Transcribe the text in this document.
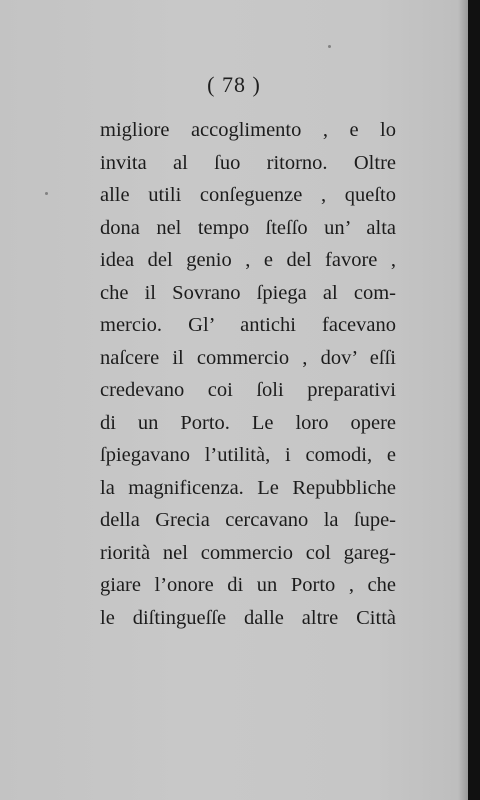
( 78 )
migliore accoglimento , e lo
invita al ſuo ritorno. Oltre
alle utili conſeguenze , queſto
dona nel tempo ſteſſo un’ alta
idea del genio , e del favore ,
che il Sovrano ſpiega al com-
mercio. Gl’ antichi facevano
naſcere il commercio , dov’ eſſi
credevano coi ſoli preparativi
di un Porto. Le loro opere
ſpiegavano l’utilità, i comodi, e
la magnificenza. Le Repubbliche
della Grecia cercavano la ſupe-
riorità nel commercio col gareg-
giare l’onore di un Porto , che
le diſtingueſſe dalle altre Città
